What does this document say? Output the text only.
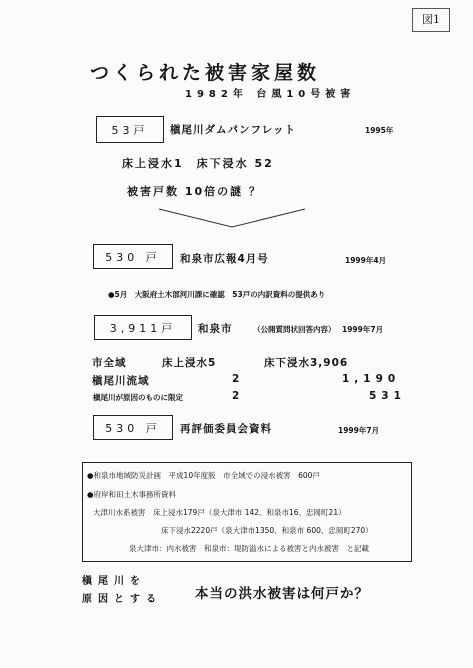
図1
つくられた被害家屋数
1982年 台風10号被害
53戸	槇尾川ダムパンフレット	1995年
床上浸水1　床下浸水 52
被害戸数 10倍の謎 ？
530 戸	和泉市広報4月号	1999年4月
●5月　大阪府土木部河川課に確認　53戸の内訳資料の提供あり
3,911戸	和泉市	（公開質問状回答内容） 1999年7月
市全域	床上浸水5	床下浸水3,906
槇尾川流域	2	1,190
槇尾川が原因のものに限定	2	531
530 戸	再評価委員会資料	1999年7月
●和泉市地域防災計画　平成10年度版　市全域での浸水被害　600戸
●府岸和田土木事務所資料
大津川水系被害　床上浸水179戸（泉大津市 142、和泉市16、忠岡町21）
床下浸水2220戸（泉大津市1350、和泉市 600、忠岡町270）
泉大津市：内水被害　和泉市：堤防溢水による被害と内水被害　と記載
槇尾川を
原因とする 本当の洪水被害は何戸か？
